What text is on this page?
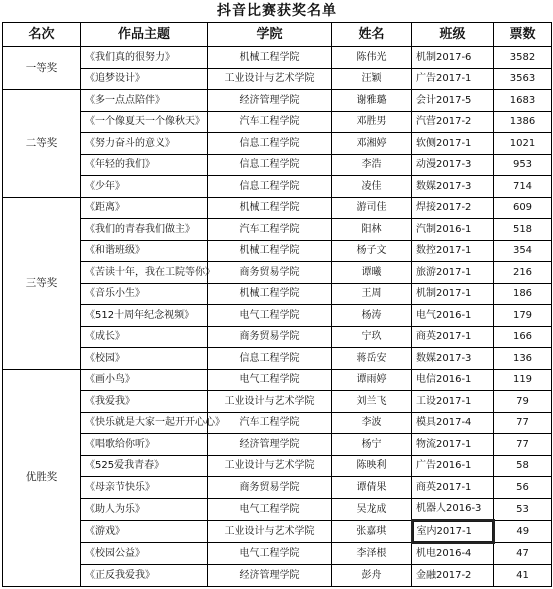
抖音比赛获奖名单					
名次	作品主题	学院	姓名	班级	票数
一等奖	《我们真的很努力》	机械工程学院	陈伟光	机制2017-6	3582
	《追梦设计》	工业设计与艺术学院	汪颖	广告2017-1	3563
二等奖	《多一点点陪伴》	经济管理学院	谢雅璐	会计2017-5	1683
	《一个像夏天一个像秋天》	汽车工程学院	邓胜男	汽营2017-2	1386
	《努力奋斗的意义》	信息工程学院	邓湘婷	软侧2017-1	1021
	《年轻的我们》	信息工程学院	李浩	动漫2017-3	953
	《少年》	信息工程学院	凌佳	数媒2017-3	714
三等奖	《距离》	机械工程学院	游司佳	焊接2017-2	609
	《我们的青春我们做主》	汽车工程学院	阳林	汽制2016-1	518
	《和谐班级》	机械工程学院	杨子文	数控2017-1	354
	《苦读十年，我在工院等你》	商务贸易学院	谭曦	旅游2017-1	216
	《音乐小生》	机械工程学院	王周	机制2017-1	186
	《512十周年纪念视频》	电气工程学院	杨涛	电气2016-1	179
	《成长》	商务贸易学院	宁玖	商英2017-1	166
	《校园》	信息工程学院	蒋岳安	数媒2017-3	136
优胜奖	《画小鸟》	电气工程学院	谭雨婷	电信2016-1	119
	《我爱我》	工业设计与艺术学院	刘兰飞	工设2017-1	79
	《快乐就是大家一起开开心心》	汽车工程学院	李波	模具2017-4	77
	《唱歌给你听》	经济管理学院	杨宁	物流2017-1	77
	《525爱我青春》	工业设计与艺术学院	陈映利	广告2016-1	58
	《母亲节快乐》	商务贸易学院	谭倩果	商英2017-1	56
	《助人为乐》	电气工程学院	吴龙成	机器人2016-3	53
	《游戏》	工业设计与艺术学院	张嘉琪	室内2017-1	49
	《校园公益》	电气工程学院	李泽根	机电2016-4	47
	《正反我爱我》	经济管理学院	彭舟	金融2017-2	41
